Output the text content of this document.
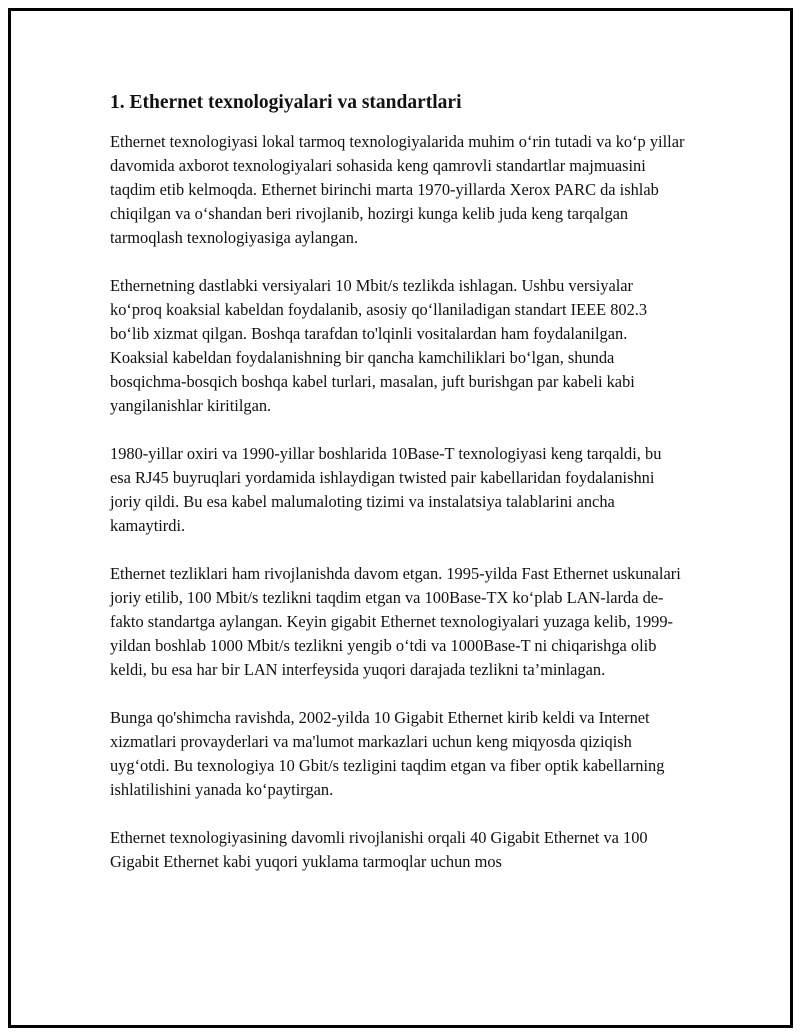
1. Ethernet texnologiyalari va standartlari

Ethernet texnologiyasi lokal tarmoq texnologiyalarida muhim o‘rin tutadi va ko‘p yillar davomida axborot texnologiyalari sohasida keng qamrovli standartlar majmuasini taqdim etib kelmoqda. Ethernet birinchi marta 1970-yillarda Xerox PARC da ishlab chiqilgan va o‘shandan beri rivojlanib, hozirgi kunga kelib juda keng tarqalgan tarmoqlash texnologiyasiga aylangan.

Ethernetning dastlabki versiyalari 10 Mbit/s tezlikda ishlagan. Ushbu versiyalar ko‘proq koaksial kabeldan foydalanib, asosiy qo‘llaniladigan standart IEEE 802.3 bo‘lib xizmat qilgan. Boshqa tarafdan to'lqinli vositalardan ham foydalanilgan. Koaksial kabeldan foydalanishning bir qancha kamchiliklari bo‘lgan, shunda bosqichma-bosqich boshqa kabel turlari, masalan, juft burishgan par kabeli kabi yangilanishlar kiritilgan.

1980-yillar oxiri va 1990-yillar boshlarida 10Base-T texnologiyasi keng tarqaldi, bu esa RJ45 buyruqlari yordamida ishlaydigan twisted pair kabellaridan foydalanishni joriy qildi. Bu esa kabel malumaloting tizimi va instalatsiya talablarini ancha kamaytirdi.

Ethernet tezliklari ham rivojlanishda davom etgan. 1995-yilda Fast Ethernet uskunalari joriy etilib, 100 Mbit/s tezlikni taqdim etgan va 100Base-TX ko‘plab LAN-larda de-fakto standartga aylangan. Keyin gigabit Ethernet texnologiyalari yuzaga kelib, 1999-yildan boshlab 1000 Mbit/s tezlikni yengib o‘tdi va 1000Base-T ni chiqarishga olib keldi, bu esa har bir LAN interfeysida yuqori darajada tezlikni ta’minlagan.

Bunga qo'shimcha ravishda, 2002-yilda 10 Gigabit Ethernet kirib keldi va Internet xizmatlari provayderlari va ma'lumot markazlari uchun keng miqyosda qiziqish uyg‘otdi. Bu texnologiya 10 Gbit/s tezligini taqdim etgan va fiber optik kabellarning ishlatilishini yanada ko‘paytirgan.

Ethernet texnologiyasining davomli rivojlanishi orqali 40 Gigabit Ethernet va 100 Gigabit Ethernet kabi yuqori yuklama tarmoqlar uchun mos
